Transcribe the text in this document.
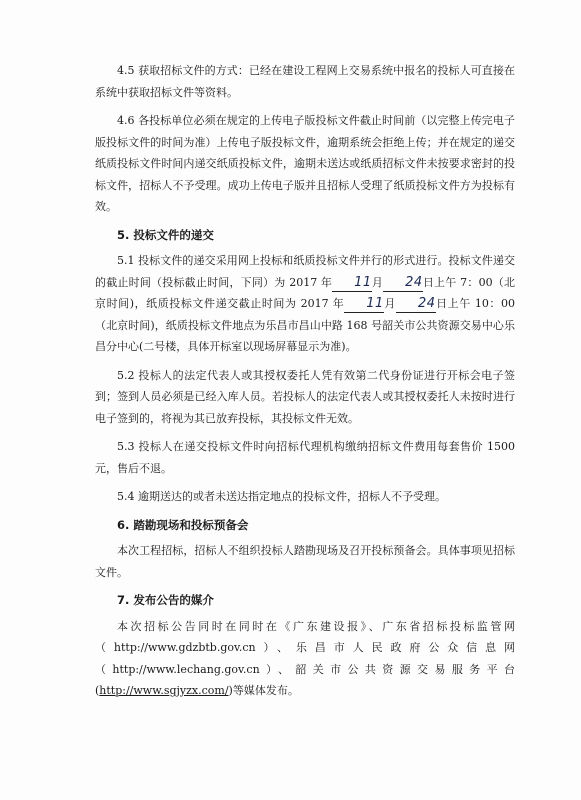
4.5 获取招标文件的方式：已经在建设工程网上交易系统中报名的投标人可直接在系统中获取招标文件等资料。

4.6 各投标单位必须在规定的上传电子版投标文件截止时间前（以完整上传完电子版投标文件的时间为准）上传电子版投标文件，逾期系统会拒绝上传；并在规定的递交纸质投标文件时间内递交纸质投标文件，逾期未送达或纸质招标文件未按要求密封的投标文件，招标人不予受理。成功上传电子版并且招标人受理了纸质投标文件方为投标有效。

5. 投标文件的递交

5.1 投标文件的递交采用网上投标和纸质投标文件并行的形式进行。投标文件递交的截止时间（投标截止时间，下同）为 2017 年 11月 24日上午 7：00（北京时间)，纸质投标文件递交截止时间为 2017 年 11月 24日上午 10：00（北京时间)，纸质投标文件地点为乐昌市昌山中路 168 号韶关市公共资源交易中心乐昌分中心(二号楼，具体开标室以现场屏幕显示为准)。

5.2 投标人的法定代表人或其授权委托人凭有效第二代身份证进行开标会电子签到；签到人员必须是已经入库人员。若投标人的法定代表人或其授权委托人未按时进行电子签到的，将视为其已放弃投标，其投标文件无效。

5.3 投标人在递交投标文件时向招标代理机构缴纳招标文件费用每套售价 1500 元，售后不退。

5.4 逾期送达的或者未送达指定地点的投标文件，招标人不予受理。

6. 踏勘现场和投标预备会

本次工程招标，招标人不组织投标人踏勘现场及召开投标预备会。具体事项见招标文件。

7. 发布公告的媒介

本次招标公告同时在同时在《广东建设报》、广东省招标投标监管网（http://www.gdzbtb.gov.cn）、乐昌市人民政府公众信息网（http://www.lechang.gov.cn）、韶关市公共资源交易服务平台(http://www.sgjyzx.com/)等媒体发布。
